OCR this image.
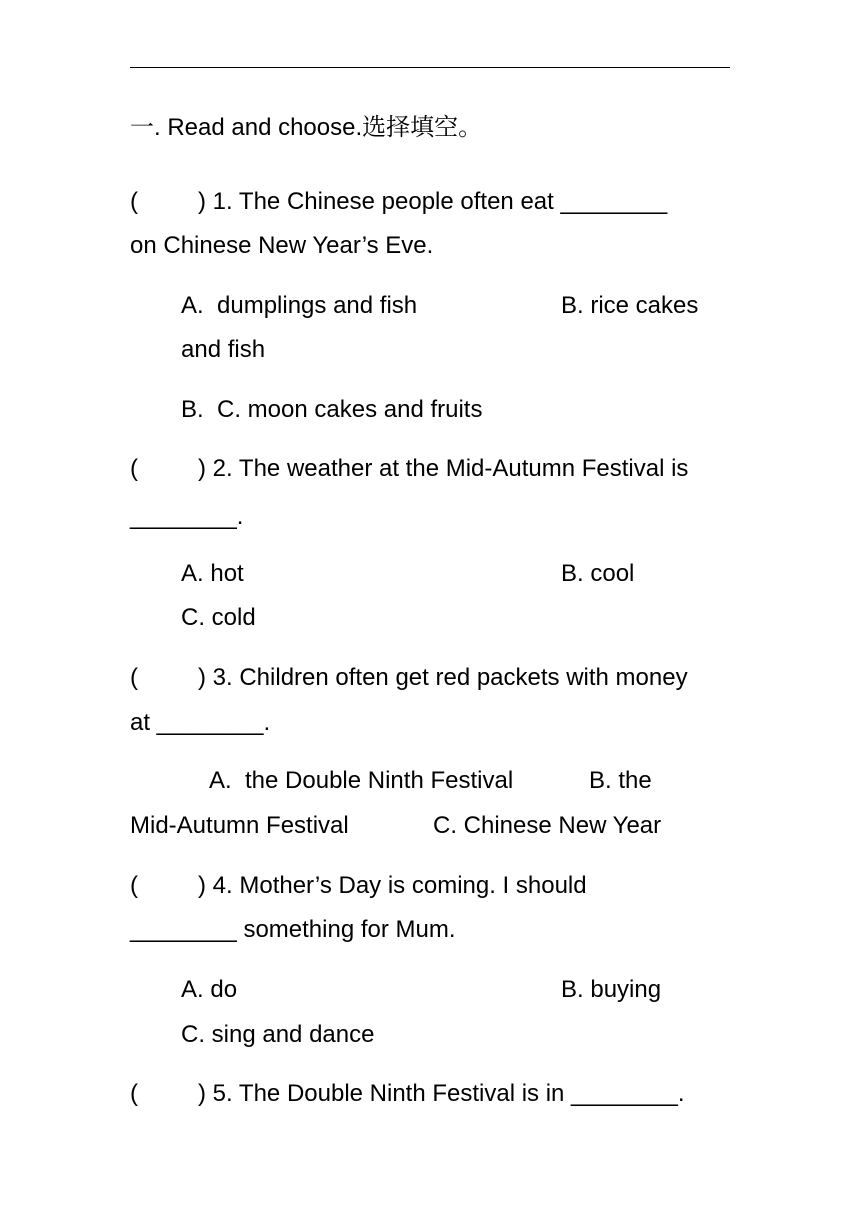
一. Read and choose.选择填空。
(         ) 1. The Chinese people often eat ________
on Chinese New Year’s Eve.
A.  dumplings and fish	B. rice cakes
and fish
B.  C. moon cakes and fruits
(         ) 2. The weather at the Mid-Autumn Festival is
________.
A. hot	B. cool
C. cold
(         ) 3. Children often get red packets with money
at ________.
A.  the Double Ninth Festival	B. the
Mid-Autumn Festival	C. Chinese New Year
(         ) 4. Mother’s Day is coming. I should
________ something for Mum.
A. do	B. buying
C. sing and dance
(         ) 5. The Double Ninth Festival is in ________.
